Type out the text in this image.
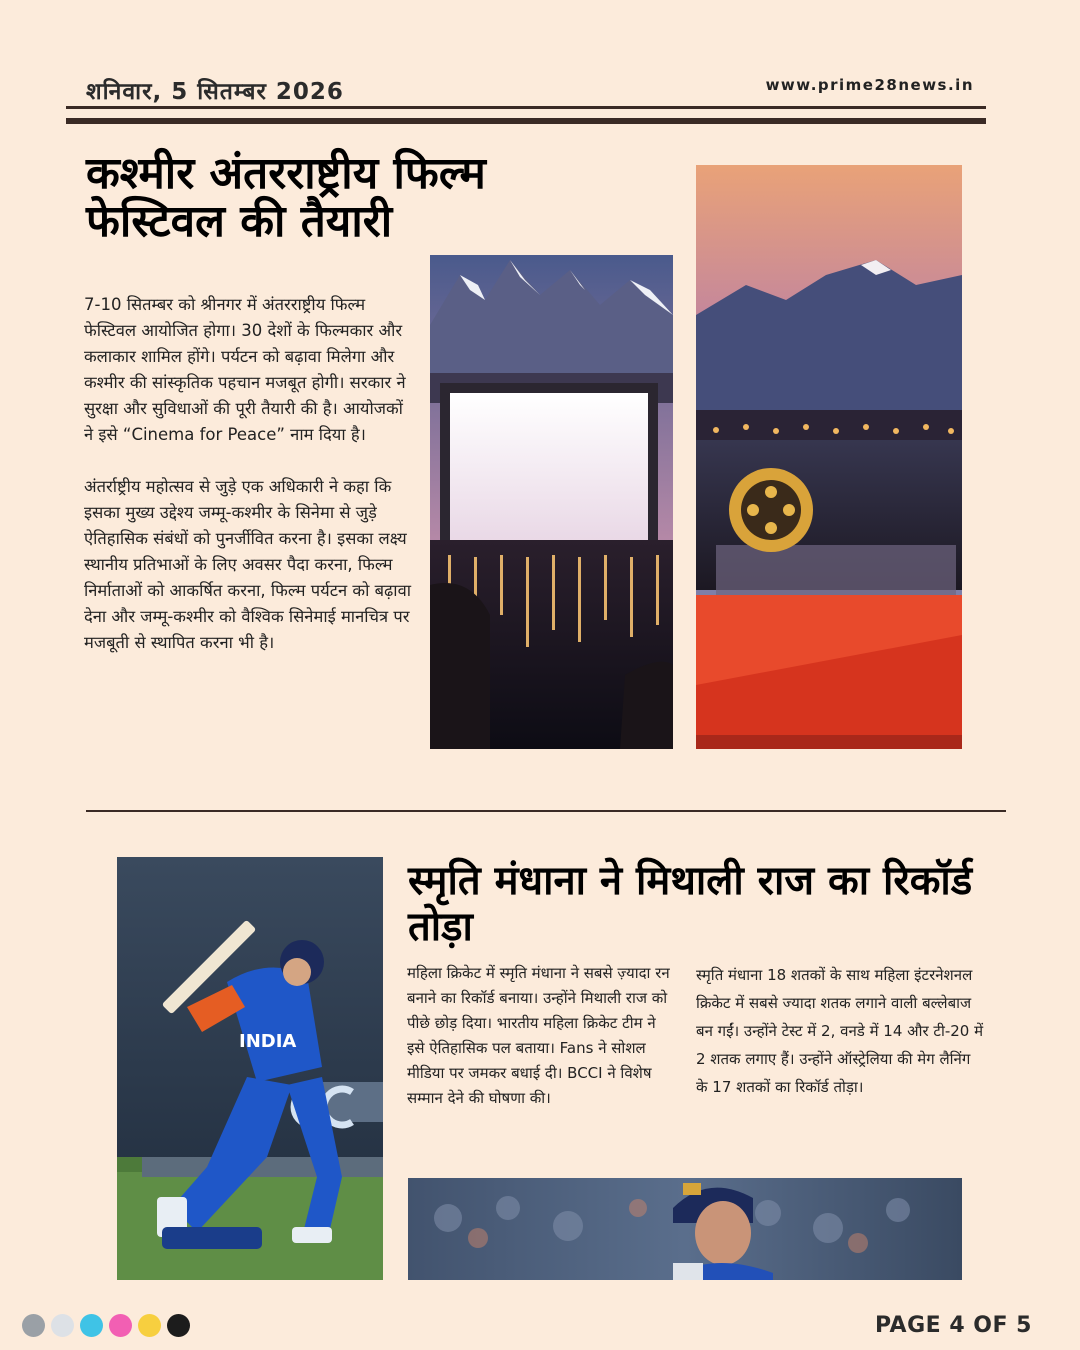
शनिवार, 5 सितम्बर 2026	www.prime28news.in
कश्मीर अंतरराष्ट्रीय फिल्म फेस्टिवल की तैयारी

7-10 सितम्बर को श्रीनगर में अंतरराष्ट्रीय फिल्म फेस्टिवल आयोजित होगा। 30 देशों के फिल्मकार और कलाकार शामिल होंगे। पर्यटन को बढ़ावा मिलेगा और कश्मीर की सांस्कृतिक पहचान मजबूत होगी। सरकार ने सुरक्षा और सुविधाओं की पूरी तैयारी की है। आयोजकों ने इसे “Cinema for Peace” नाम दिया है।

अंतर्राष्ट्रीय महोत्सव से जुड़े एक अधिकारी ने कहा कि इसका मुख्य उद्देश्य जम्मू-कश्मीर के सिनेमा से जुड़े ऐतिहासिक संबंधों को पुनर्जीवित करना है। इसका लक्ष्य स्थानीय प्रतिभाओं के लिए अवसर पैदा करना, फिल्म निर्माताओं को आकर्षित करना, फिल्म पर्यटन को बढ़ावा देना और जम्मू-कश्मीर को वैश्विक सिनेमाई मानचित्र पर मजबूती से स्थापित करना भी है।

INDIA
स्मृति मंधाना ने मिथाली राज का रिकॉर्ड तोड़ा

महिला क्रिकेट में स्मृति मंधाना ने सबसे ज़्यादा रन बनाने का रिकॉर्ड बनाया। उन्होंने मिथाली राज को पीछे छोड़ दिया। भारतीय महिला क्रिकेट टीम ने इसे ऐतिहासिक पल बताया। Fans ने सोशल मीडिया पर जमकर बधाई दी। BCCI ने विशेष सम्मान देने की घोषणा की।

स्मृति मंधाना 18 शतकों के साथ महिला इंटरनेशनल क्रिकेट में सबसे ज्यादा शतक लगाने वाली बल्लेबाज बन गईं। उन्होंने टेस्ट में 2, वनडे में 14 और टी-20 में 2 शतक लगाए हैं। उन्होंने ऑस्ट्रेलिया की मेग लैनिंग के 17 शतकों का रिकॉर्ड तोड़ा।

PAGE 4 OF 5
